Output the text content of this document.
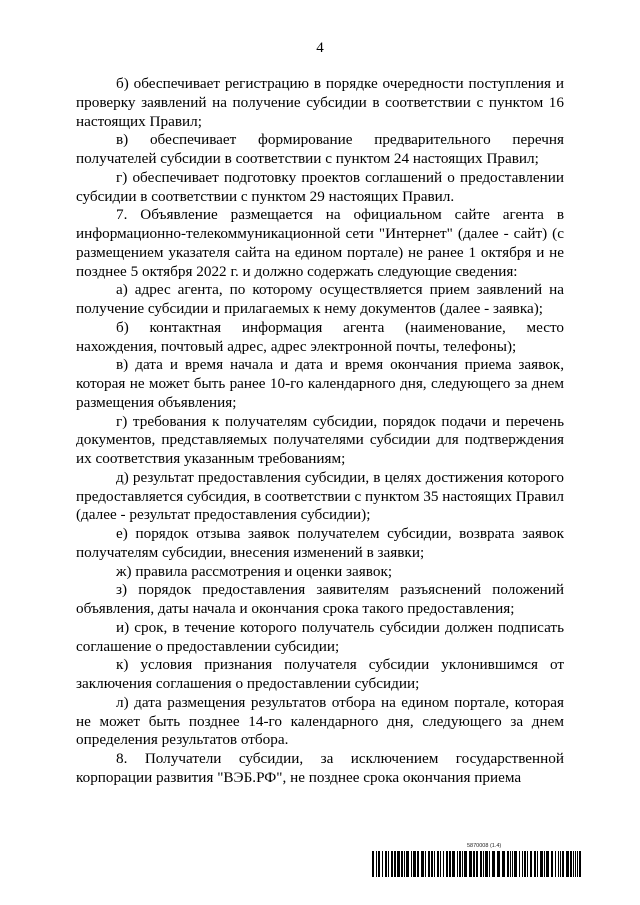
4

б) обеспечивает регистрацию в порядке очередности поступления и проверку заявлений на получение субсидии в соответствии с пунктом 16 настоящих Правил;

в) обеспечивает формирование предварительного перечня получателей субсидии в соответствии с пунктом 24 настоящих Правил;

г) обеспечивает подготовку проектов соглашений о предоставлении субсидии в соответствии с пунктом 29 настоящих Правил.

7. Объявление размещается на официальном сайте агента в информационно-телекоммуникационной сети "Интернет" (далее - сайт) (с размещением указателя сайта на едином портале) не ранее 1 октября и не позднее 5 октября 2022 г. и должно содержать следующие сведения:

а) адрес агента, по которому осуществляется прием заявлений на получение субсидии и прилагаемых к нему документов (далее - заявка);

б) контактная информация агента (наименование, место нахождения, почтовый адрес, адрес электронной почты, телефоны);

в) дата и время начала и дата и время окончания приема заявок, которая не может быть ранее 10-го календарного дня, следующего за днем размещения объявления;

г) требования к получателям субсидии, порядок подачи и перечень документов, представляемых получателями субсидии для подтверждения их соответствия указанным требованиям;

д) результат предоставления субсидии, в целях достижения которого предоставляется субсидия, в соответствии с пунктом 35 настоящих Правил (далее - результат предоставления субсидии);

е) порядок отзыва заявок получателем субсидии, возврата заявок получателям субсидии, внесения изменений в заявки;

ж) правила рассмотрения и оценки заявок;

з) порядок предоставления заявителям разъяснений положений объявления, даты начала и окончания срока такого предоставления;

и) срок, в течение которого получатель субсидии должен подписать соглашение о предоставлении субсидии;

к) условия признания получателя субсидии уклонившимся от заключения соглашения о предоставлении субсидии;

л) дата размещения результатов отбора на едином портале, которая не может быть позднее 14-го календарного дня, следующего за днем определения результатов отбора.

8. Получатели субсидии, за исключением государственной корпорации развития "ВЭБ.РФ", не позднее срока окончания приема

5870008 (1.4)
